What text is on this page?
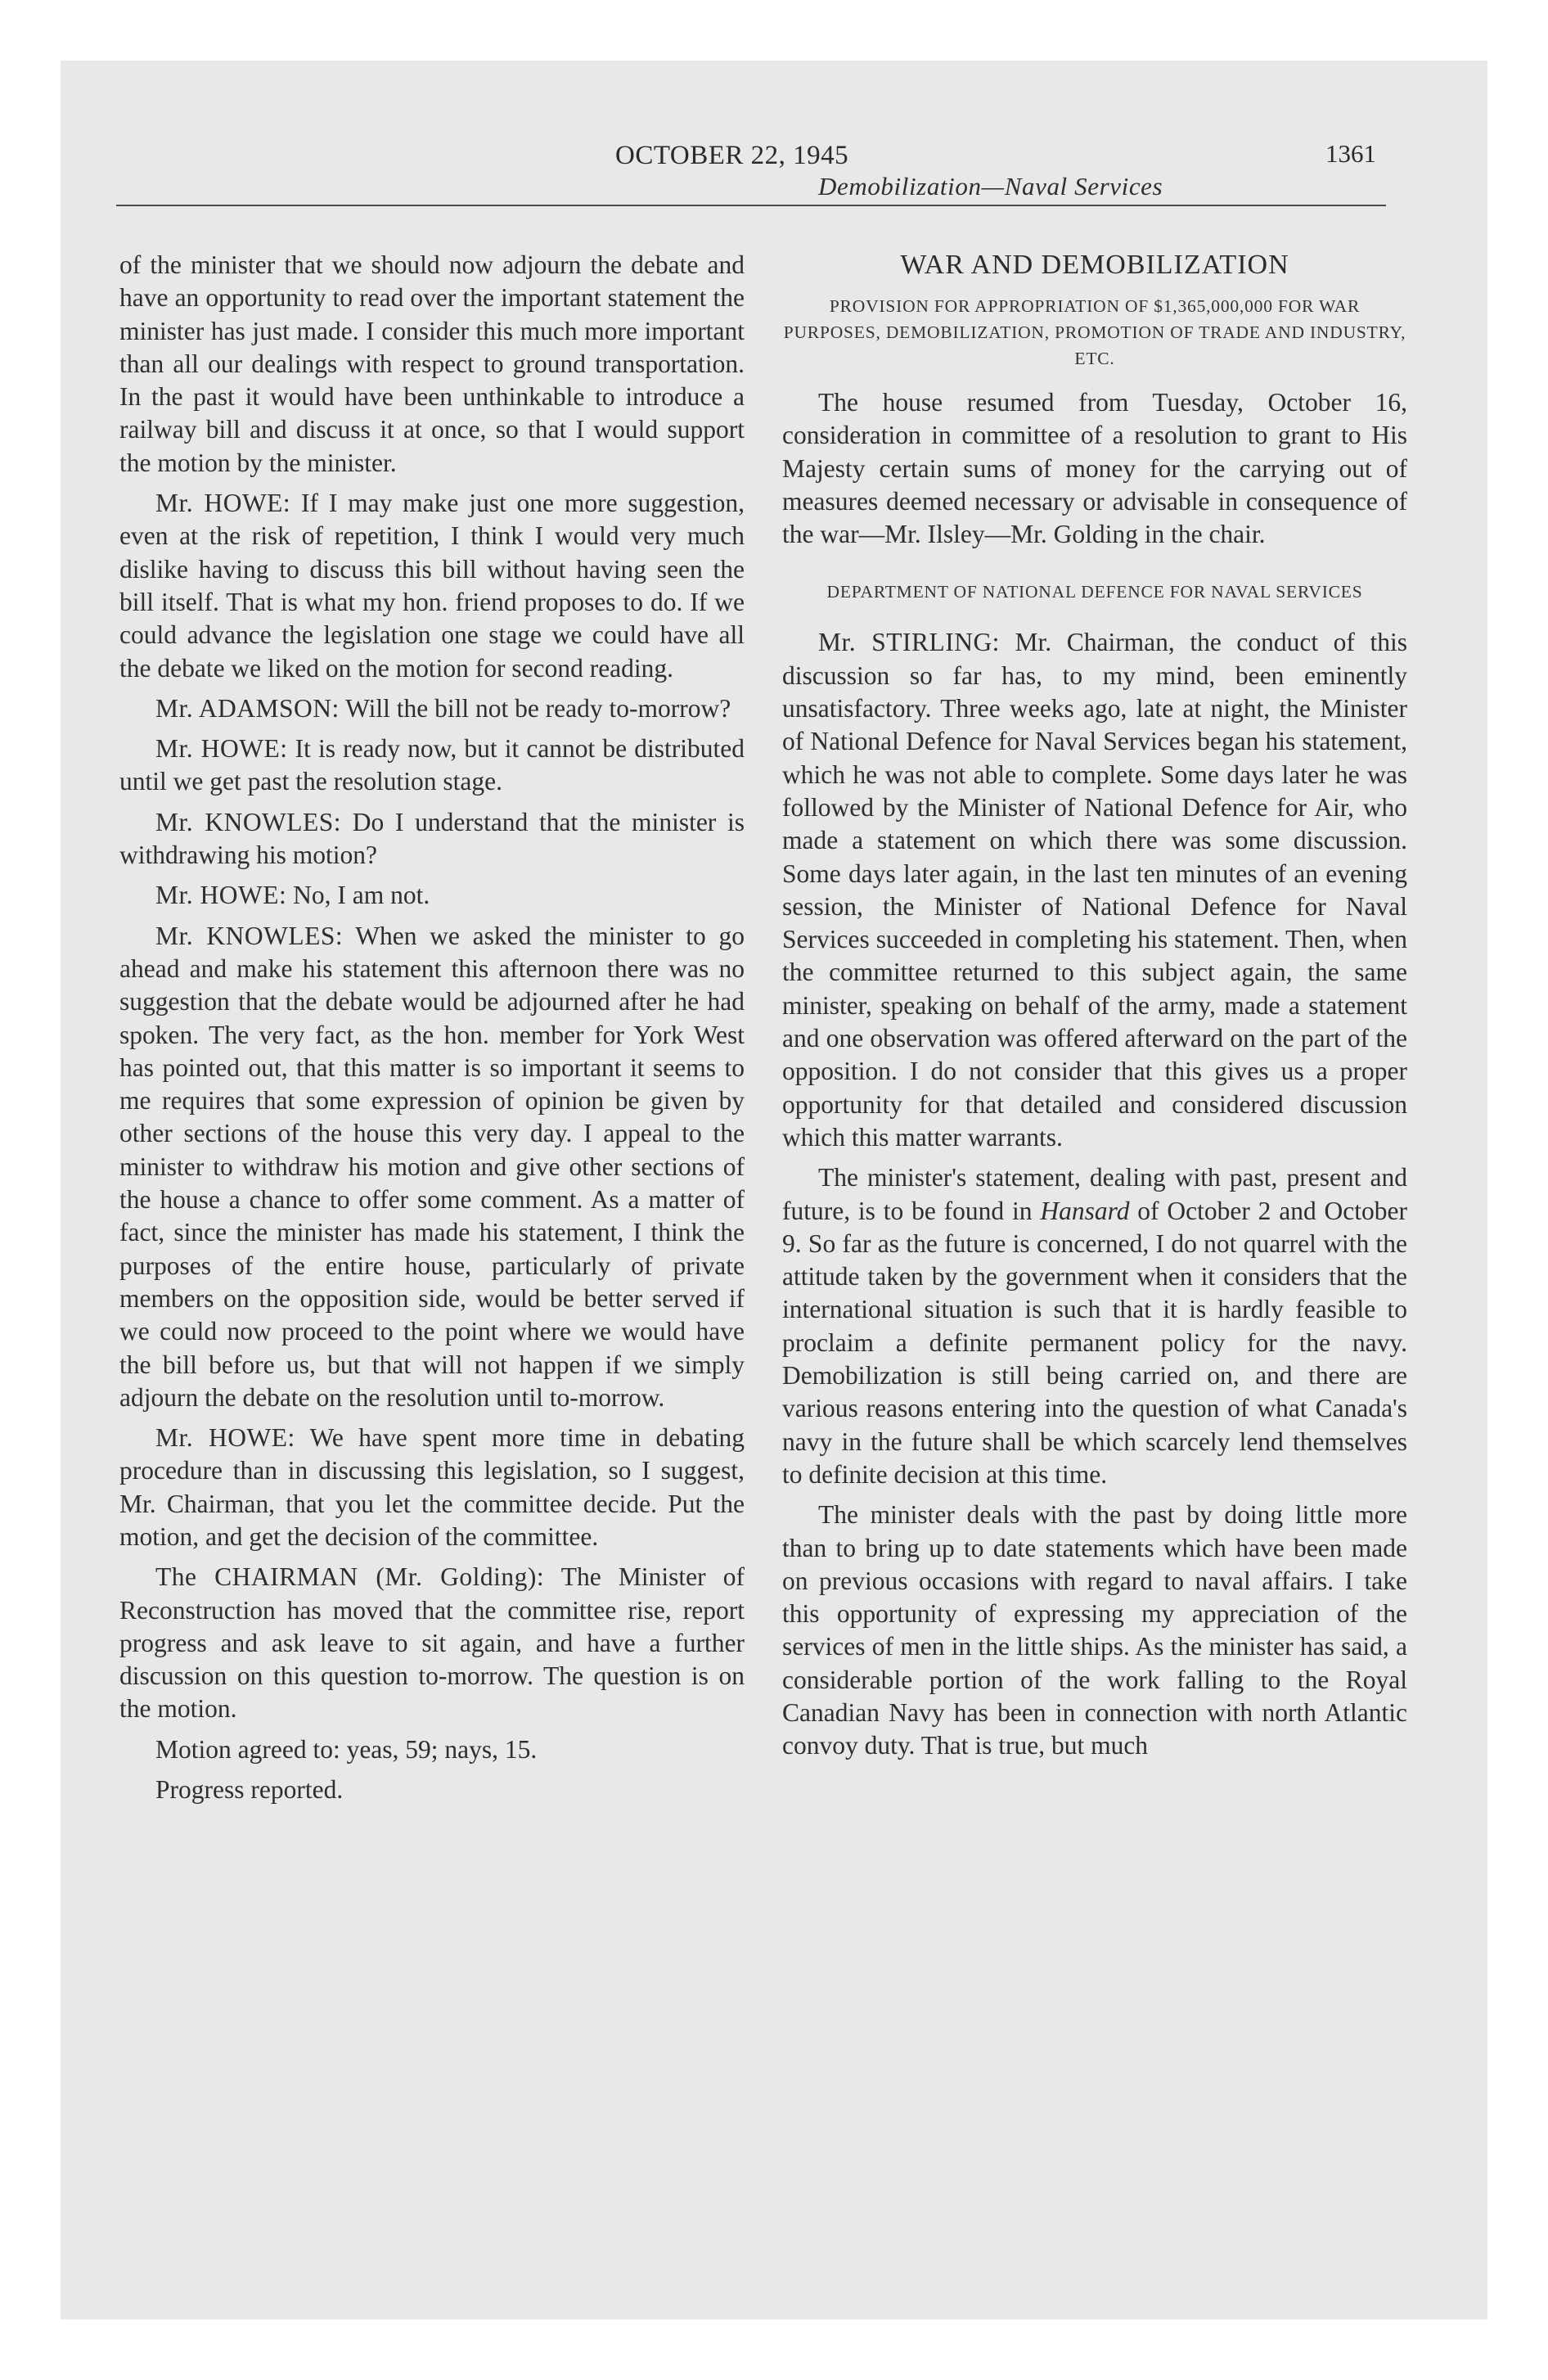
OCTOBER 22, 1945	1361
Demobilization—Naval Services

of the minister that we should now adjourn the debate and have an opportunity to read over the important statement the minister has just made. I consider this much more important than all our dealings with respect to ground transportation. In the past it would have been unthinkable to introduce a railway bill and discuss it at once, so that I would support the motion by the minister.

Mr. HOWE: If I may make just one more suggestion, even at the risk of repetition, I think I would very much dislike having to discuss this bill without having seen the bill itself. That is what my hon. friend proposes to do. If we could advance the legislation one stage we could have all the debate we liked on the motion for second reading.

Mr. ADAMSON: Will the bill not be ready to-morrow?

Mr. HOWE: It is ready now, but it cannot be distributed until we get past the resolution stage.

Mr. KNOWLES: Do I understand that the minister is withdrawing his motion?

Mr. HOWE: No, I am not.

Mr. KNOWLES: When we asked the minister to go ahead and make his statement this afternoon there was no suggestion that the debate would be adjourned after he had spoken. The very fact, as the hon. member for York West has pointed out, that this matter is so important it seems to me requires that some expression of opinion be given by other sections of the house this very day. I appeal to the minister to withdraw his motion and give other sections of the house a chance to offer some comment. As a matter of fact, since the minister has made his statement, I think the purposes of the entire house, particularly of private members on the opposition side, would be better served if we could now proceed to the point where we would have the bill before us, but that will not happen if we simply adjourn the debate on the resolution until to-morrow.

Mr. HOWE: We have spent more time in debating procedure than in discussing this legislation, so I suggest, Mr. Chairman, that you let the committee decide. Put the motion, and get the decision of the committee.

The CHAIRMAN (Mr. Golding): The Minister of Reconstruction has moved that the committee rise, report progress and ask leave to sit again, and have a further discussion on this question to-morrow. The question is on the motion.

Motion agreed to: yeas, 59; nays, 15.

Progress reported.

WAR AND DEMOBILIZATION
PROVISION FOR APPROPRIATION OF $1,365,000,000 FOR WAR PURPOSES, DEMOBILIZATION, PROMOTION OF TRADE AND INDUSTRY, ETC.

The house resumed from Tuesday, October 16, consideration in committee of a resolution to grant to His Majesty certain sums of money for the carrying out of measures deemed necessary or advisable in consequence of the war—Mr. Ilsley—Mr. Golding in the chair.

DEPARTMENT OF NATIONAL DEFENCE FOR NAVAL SERVICES

Mr. STIRLING: Mr. Chairman, the conduct of this discussion so far has, to my mind, been eminently unsatisfactory. Three weeks ago, late at night, the Minister of National Defence for Naval Services began his statement, which he was not able to complete. Some days later he was followed by the Minister of National Defence for Air, who made a statement on which there was some discussion. Some days later again, in the last ten minutes of an evening session, the Minister of National Defence for Naval Services succeeded in completing his statement. Then, when the committee returned to this subject again, the same minister, speaking on behalf of the army, made a statement and one observation was offered afterward on the part of the opposition. I do not consider that this gives us a proper opportunity for that detailed and considered discussion which this matter warrants.

The minister's statement, dealing with past, present and future, is to be found in Hansard of October 2 and October 9. So far as the future is concerned, I do not quarrel with the attitude taken by the government when it considers that the international situation is such that it is hardly feasible to proclaim a definite permanent policy for the navy. Demobilization is still being carried on, and there are various reasons entering into the question of what Canada's navy in the future shall be which scarcely lend themselves to definite decision at this time.

The minister deals with the past by doing little more than to bring up to date statements which have been made on previous occasions with regard to naval affairs. I take this opportunity of expressing my appreciation of the services of men in the little ships. As the minister has said, a considerable portion of the work falling to the Royal Canadian Navy has been in connection with north Atlantic convoy duty. That is true, but much
